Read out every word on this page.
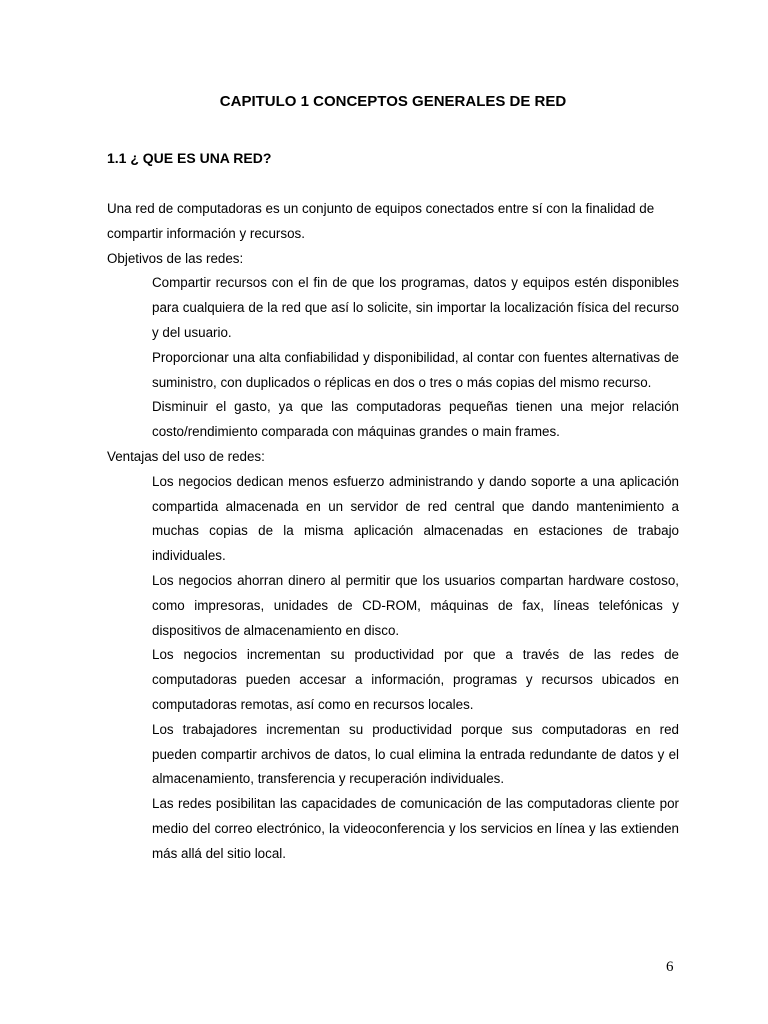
CAPITULO 1 CONCEPTOS GENERALES DE RED
1.1 ¿ QUE ES UNA RED?

Una red de computadoras es un conjunto de equipos conectados entre sí con la finalidad de compartir información y recursos.

Objetivos de las redes:

Compartir recursos con el fin de que los programas, datos y equipos estén disponibles para cualquiera de la red que así lo solicite, sin importar la localización física del recurso y del usuario.

Proporcionar una alta confiabilidad y disponibilidad, al contar con fuentes alternativas de suministro, con duplicados o réplicas en dos o tres o más copias del mismo recurso.

Disminuir el gasto, ya que las computadoras pequeñas tienen una mejor relación costo/rendimiento comparada con máquinas grandes o main frames.

Ventajas del uso de redes:

Los negocios dedican menos esfuerzo administrando y dando soporte a una aplicación compartida almacenada en un servidor de red central que dando mantenimiento a muchas copias de la misma aplicación almacenadas en estaciones de trabajo individuales.

Los negocios ahorran dinero al permitir que los usuarios compartan hardware costoso, como impresoras, unidades de CD-ROM, máquinas de fax, líneas telefónicas y dispositivos de almacenamiento en disco.

Los negocios incrementan su productividad por que a través de las redes de computadoras pueden accesar a información, programas y recursos ubicados en computadoras remotas, así como en recursos locales.

Los trabajadores incrementan su productividad porque sus computadoras en red pueden compartir archivos de datos, lo cual elimina la entrada redundante de datos y el almacenamiento, transferencia y recuperación individuales.

Las redes posibilitan las capacidades de comunicación de las computadoras cliente por medio del correo electrónico, la videoconferencia y los servicios en línea y las extienden más allá del sitio local.

6
